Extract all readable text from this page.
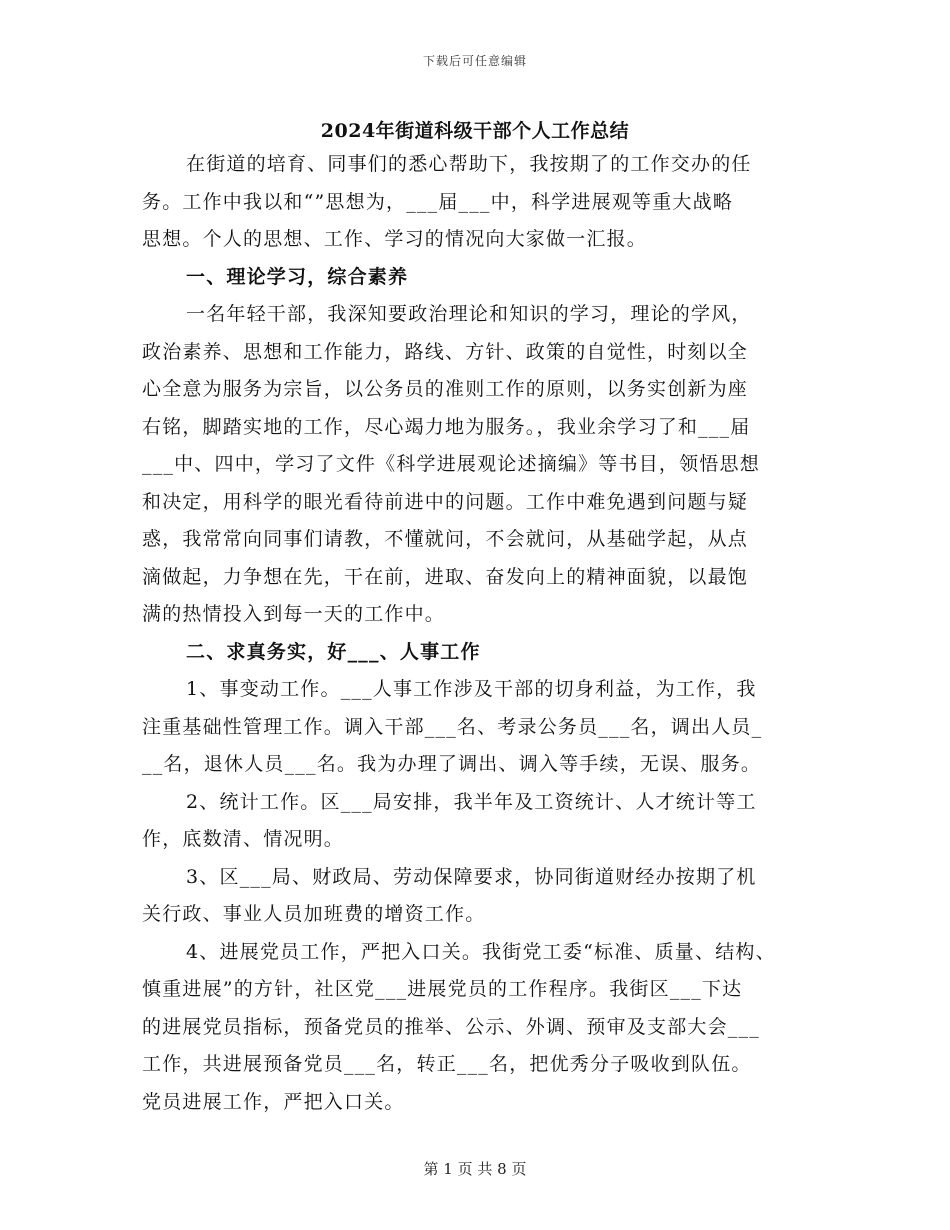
下载后可任意编辑
2024年街道科级干部个人工作总结
在街道的培育、同事们的悉心帮助下，我按期了的工作交办的任
务。工作中我以和“”思想为，___届___中，科学进展观等重大战略
思想。个人的思想、工作、学习的情况向大家做一汇报。
一、理论学习，综合素养
一名年轻干部，我深知要政治理论和知识的学习，理论的学风，
政治素养、思想和工作能力，路线、方针、政策的自觉性，时刻以全
心全意为服务为宗旨，以公务员的准则工作的原则，以务实创新为座
右铭，脚踏实地的工作，尽心竭力地为服务。，我业余学习了和___届
___中、四中，学习了文件《科学进展观论述摘编》等书目，领悟思想
和决定，用科学的眼光看待前进中的问题。工作中难免遇到问题与疑
惑，我常常向同事们请教，不懂就问，不会就问，从基础学起，从点
滴做起，力争想在先，干在前，进取、奋发向上的精神面貌，以最饱
满的热情投入到每一天的工作中。
二、求真务实，好___、人事工作
1、事变动工作。___人事工作涉及干部的切身利益，为工作，我
注重基础性管理工作。调入干部___名、考录公务员___名，调出人员_
__名，退休人员___名。我为办理了调出、调入等手续，无误、服务。
2、统计工作。区___局安排，我半年及工资统计、人才统计等工
作，底数清、情况明。
3、区___局、财政局、劳动保障要求，协同街道财经办按期了机
关行政、事业人员加班费的增资工作。
4、进展党员工作，严把入口关。我街党工委“标准、质量、结构、
慎重进展”的方针，社区党___进展党员的工作程序。我街区___下达
的进展党员指标，预备党员的推举、公示、外调、预审及支部大会___
工作，共进展预备党员___名，转正___名，把优秀分子吸收到队伍。
党员进展工作，严把入口关。
第 1 页 共 8 页
